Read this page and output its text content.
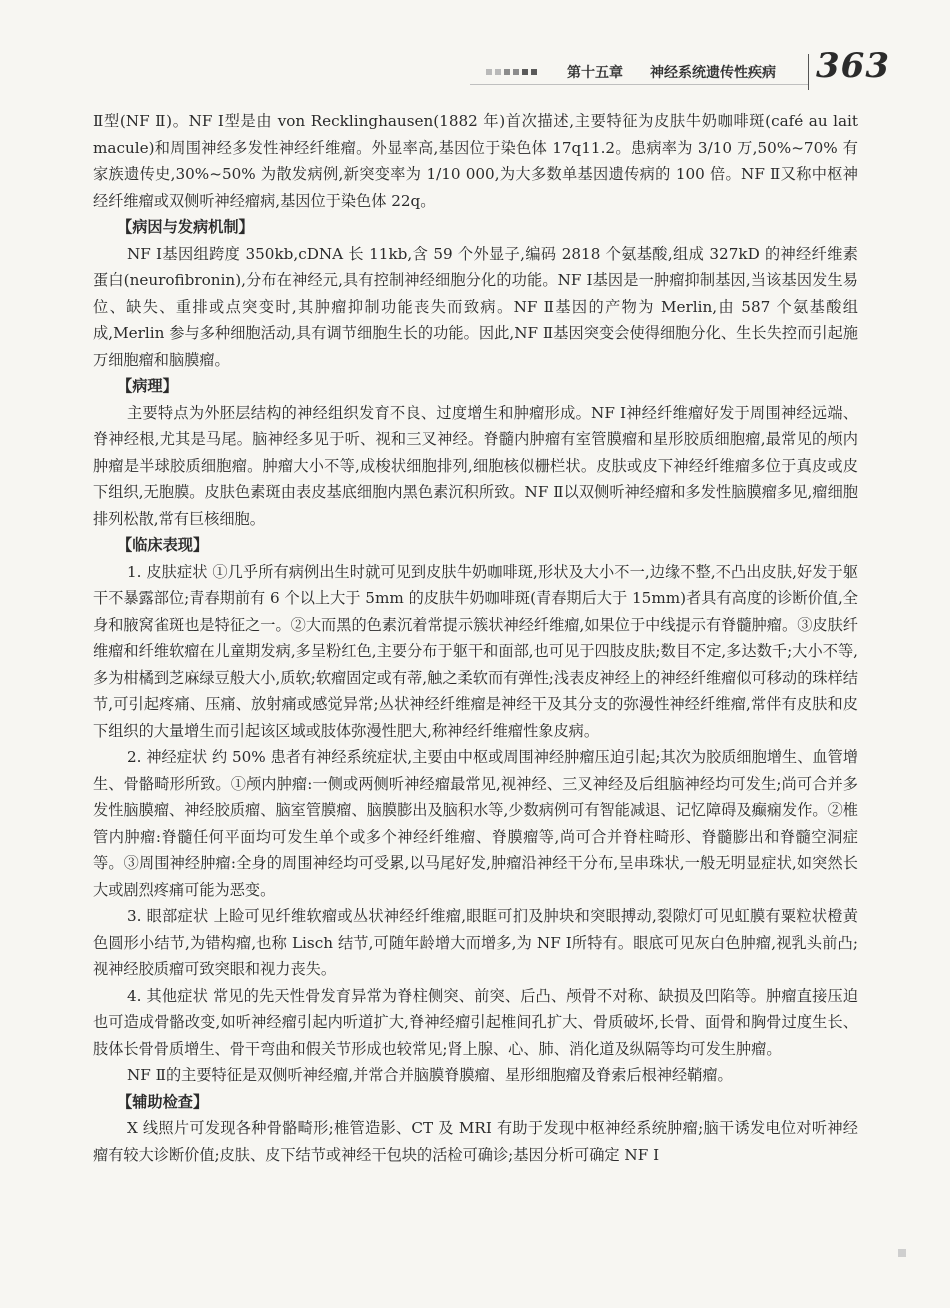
第十五章 神经系统遗传性疾病 363

Ⅱ型(NF Ⅱ)。NF Ⅰ型是由 von Recklinghausen(1882 年)首次描述,主要特征为皮肤牛奶咖啡斑(café au lait macule)和周围神经多发性神经纤维瘤。外显率高,基因位于染色体 17q11.2。患病率为 3/10 万,50%~70% 有家族遗传史,30%~50% 为散发病例,新突变率为 1/10 000,为大多数单基因遗传病的 100 倍。NF Ⅱ又称中枢神经纤维瘤或双侧听神经瘤病,基因位于染色体 22q。

【病因与发病机制】

NF Ⅰ基因组跨度 350kb,cDNA 长 11kb,含 59 个外显子,编码 2818 个氨基酸,组成 327kD 的神经纤维素蛋白(neurofibronin),分布在神经元,具有控制神经细胞分化的功能。NF Ⅰ基因是一肿瘤抑制基因,当该基因发生易位、缺失、重排或点突变时,其肿瘤抑制功能丧失而致病。NF Ⅱ基因的产物为 Merlin,由 587 个氨基酸组成,Merlin 参与多种细胞活动,具有调节细胞生长的功能。因此,NF Ⅱ基因突变会使得细胞分化、生长失控而引起施万细胞瘤和脑膜瘤。

【病理】

主要特点为外胚层结构的神经组织发育不良、过度增生和肿瘤形成。NF Ⅰ神经纤维瘤好发于周围神经远端、脊神经根,尤其是马尾。脑神经多见于听、视和三叉神经。脊髓内肿瘤有室管膜瘤和星形胶质细胞瘤,最常见的颅内肿瘤是半球胶质细胞瘤。肿瘤大小不等,成梭状细胞排列,细胞核似栅栏状。皮肤或皮下神经纤维瘤多位于真皮或皮下组织,无胞膜。皮肤色素斑由表皮基底细胞内黑色素沉积所致。NF Ⅱ以双侧听神经瘤和多发性脑膜瘤多见,瘤细胞排列松散,常有巨核细胞。

【临床表现】

1. 皮肤症状 ①几乎所有病例出生时就可见到皮肤牛奶咖啡斑,形状及大小不一,边缘不整,不凸出皮肤,好发于躯干不暴露部位;青春期前有 6 个以上大于 5mm 的皮肤牛奶咖啡斑(青春期后大于 15mm)者具有高度的诊断价值,全身和腋窝雀斑也是特征之一。②大而黑的色素沉着常提示簇状神经纤维瘤,如果位于中线提示有脊髓肿瘤。③皮肤纤维瘤和纤维软瘤在儿童期发病,多呈粉红色,主要分布于躯干和面部,也可见于四肢皮肤;数目不定,多达数千;大小不等,多为柑橘到芝麻绿豆般大小,质软;软瘤固定或有蒂,触之柔软而有弹性;浅表皮神经上的神经纤维瘤似可移动的珠样结节,可引起疼痛、压痛、放射痛或感觉异常;丛状神经纤维瘤是神经干及其分支的弥漫性神经纤维瘤,常伴有皮肤和皮下组织的大量增生而引起该区域或肢体弥漫性肥大,称神经纤维瘤性象皮病。

2. 神经症状 约 50% 患者有神经系统症状,主要由中枢或周围神经肿瘤压迫引起;其次为胶质细胞增生、血管增生、骨骼畸形所致。①颅内肿瘤:一侧或两侧听神经瘤最常见,视神经、三叉神经及后组脑神经均可发生;尚可合并多发性脑膜瘤、神经胶质瘤、脑室管膜瘤、脑膜膨出及脑积水等,少数病例可有智能减退、记忆障碍及癫痫发作。②椎管内肿瘤:脊髓任何平面均可发生单个或多个神经纤维瘤、脊膜瘤等,尚可合并脊柱畸形、脊髓膨出和脊髓空洞症等。③周围神经肿瘤:全身的周围神经均可受累,以马尾好发,肿瘤沿神经干分布,呈串珠状,一般无明显症状,如突然长大或剧烈疼痛可能为恶变。

3. 眼部症状 上睑可见纤维软瘤或丛状神经纤维瘤,眼眶可扪及肿块和突眼搏动,裂隙灯可见虹膜有粟粒状橙黄色圆形小结节,为错构瘤,也称 Lisch 结节,可随年龄增大而增多,为 NF Ⅰ所特有。眼底可见灰白色肿瘤,视乳头前凸;视神经胶质瘤可致突眼和视力丧失。

4. 其他症状 常见的先天性骨发育异常为脊柱侧突、前突、后凸、颅骨不对称、缺损及凹陷等。肿瘤直接压迫也可造成骨骼改变,如听神经瘤引起内听道扩大,脊神经瘤引起椎间孔扩大、骨质破坏,长骨、面骨和胸骨过度生长、肢体长骨骨质增生、骨干弯曲和假关节形成也较常见;肾上腺、心、肺、消化道及纵隔等均可发生肿瘤。

NF Ⅱ的主要特征是双侧听神经瘤,并常合并脑膜脊膜瘤、星形细胞瘤及脊索后根神经鞘瘤。

【辅助检查】

X 线照片可发现各种骨骼畸形;椎管造影、CT 及 MRI 有助于发现中枢神经系统肿瘤;脑干诱发电位对听神经瘤有较大诊断价值;皮肤、皮下结节或神经干包块的活检可确诊;基因分析可确定 NF Ⅰ
